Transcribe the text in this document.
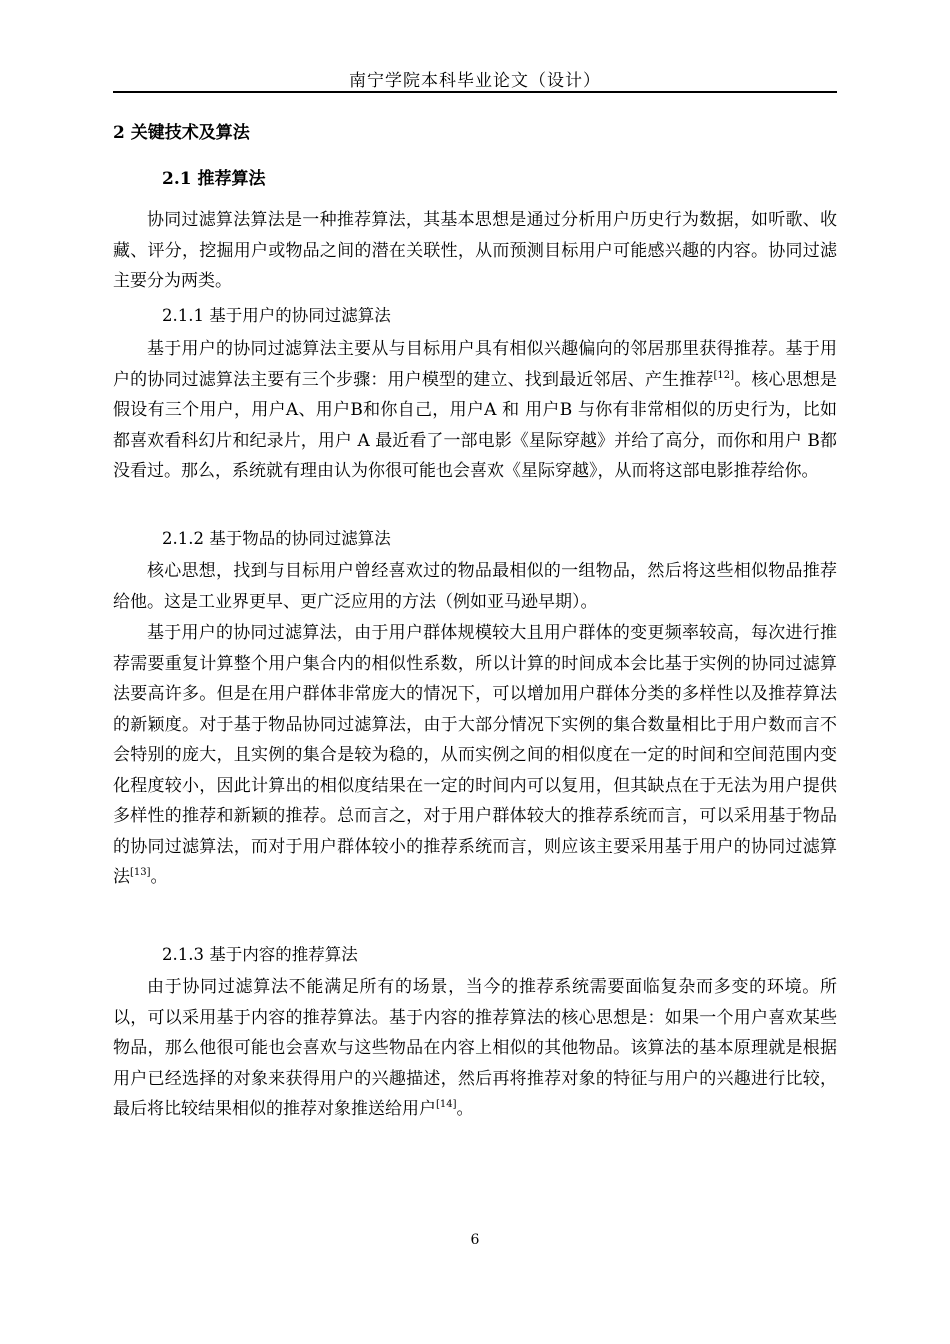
南宁学院本科毕业论文（设计）
2 关键技术及算法
2.1 推荐算法

协同过滤算法算法是一种推荐算法，其基本思想是通过分析用户历史行为数据，如听歌、收藏、评分，挖掘用户或物品之间的潜在关联性，从而预测目标用户可能感兴趣的内容。协同过滤主要分为两类。

2.1.1 基于用户的协同过滤算法

基于用户的协同过滤算法主要从与目标用户具有相似兴趣偏向的邻居那里获得推荐。基于用户的协同过滤算法主要有三个步骤：用户模型的建立、找到最近邻居、产生推荐[12]。核心思想是假设有三个用户，用户A、用户B和你自己，用户A 和 用户B 与你有非常相似的历史行为，比如都喜欢看科幻片和纪录片，用户 A 最近看了一部电影《星际穿越》并给了高分，而你和用户 B都没看过。那么，系统就有理由认为你很可能也会喜欢《星际穿越》，从而将这部电影推荐给你。

2.1.2 基于物品的协同过滤算法

核心思想，找到与目标用户曾经喜欢过的物品最相似的一组物品，然后将这些相似物品推荐给他。这是工业界更早、更广泛应用的方法（例如亚马逊早期）。

基于用户的协同过滤算法，由于用户群体规模较大且用户群体的变更频率较高，每次进行推荐需要重复计算整个用户集合内的相似性系数，所以计算的时间成本会比基于实例的协同过滤算法要高许多。但是在用户群体非常庞大的情况下，可以增加用户群体分类的多样性以及推荐算法的新颖度。对于基于物品协同过滤算法，由于大部分情况下实例的集合数量相比于用户数而言不会特别的庞大，且实例的集合是较为稳的，从而实例之间的相似度在一定的时间和空间范围内变化程度较小，因此计算出的相似度结果在一定的时间内可以复用，但其缺点在于无法为用户提供多样性的推荐和新颖的推荐。总而言之，对于用户群体较大的推荐系统而言，可以采用基于物品的协同过滤算法，而对于用户群体较小的推荐系统而言，则应该主要采用基于用户的协同过滤算法[13]。

2.1.3 基于内容的推荐算法

由于协同过滤算法不能满足所有的场景，当今的推荐系统需要面临复杂而多变的环境。所以，可以采用基于内容的推荐算法。基于内容的推荐算法的核心思想是：如果一个用户喜欢某些物品，那么他很可能也会喜欢与这些物品在内容上相似的其他物品。该算法的基本原理就是根据用户已经选择的对象来获得用户的兴趣描述，然后再将推荐对象的特征与用户的兴趣进行比较，最后将比较结果相似的推荐对象推送给用户[14]。

6
